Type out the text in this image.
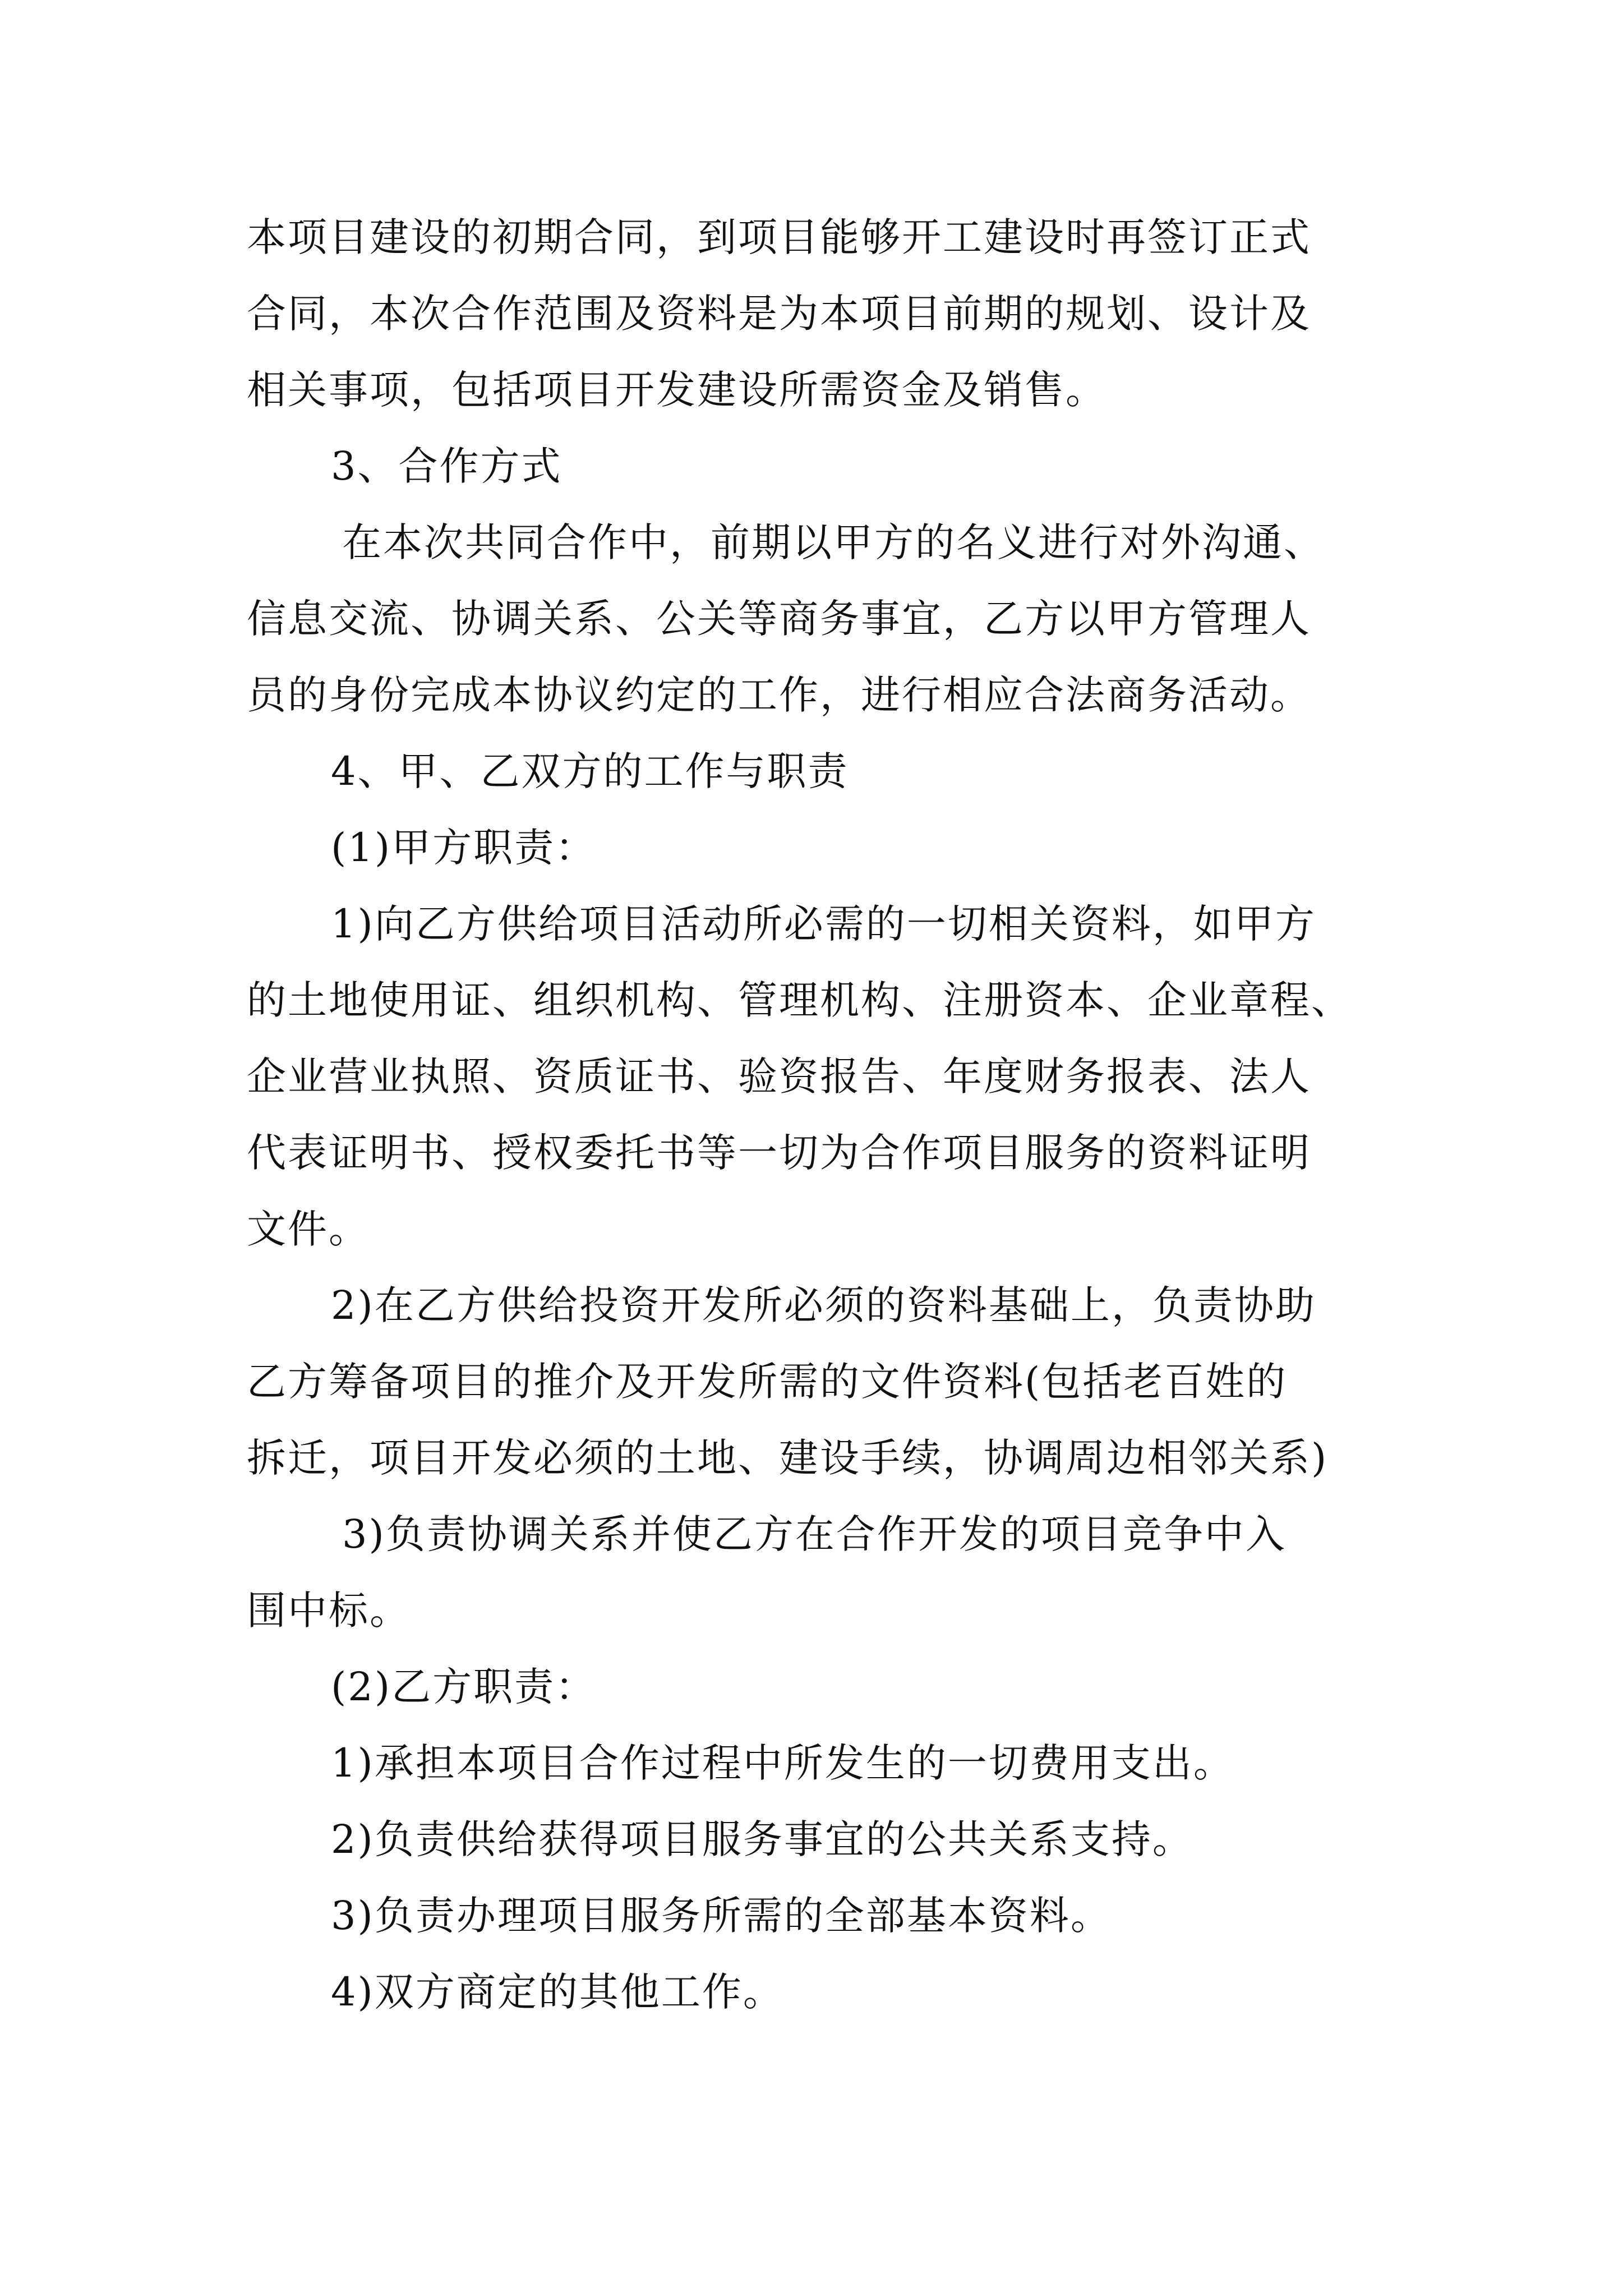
本项目建设的初期合同，到项目能够开工建设时再签订正式

合同，本次合作范围及资料是为本项目前期的规划、设计及

相关事项，包括项目开发建设所需资金及销售。

3、合作方式

在本次共同合作中，前期以甲方的名义进行对外沟通、

信息交流、协调关系、公关等商务事宜，乙方以甲方管理人

员的身份完成本协议约定的工作，进行相应合法商务活动。

4、甲、乙双方的工作与职责

(1)甲方职责：

1)向乙方供给项目活动所必需的一切相关资料，如甲方

的土地使用证、组织机构、管理机构、注册资本、企业章程、

企业营业执照、资质证书、验资报告、年度财务报表、法人

代表证明书、授权委托书等一切为合作项目服务的资料证明

文件。

2)在乙方供给投资开发所必须的资料基础上，负责协助

乙方筹备项目的推介及开发所需的文件资料(包括老百姓的

拆迁，项目开发必须的土地、建设手续，协调周边相邻关系)

3)负责协调关系并使乙方在合作开发的项目竞争中入

围中标。

(2)乙方职责：

1)承担本项目合作过程中所发生的一切费用支出。

2)负责供给获得项目服务事宜的公共关系支持。

3)负责办理项目服务所需的全部基本资料。

4)双方商定的其他工作。
